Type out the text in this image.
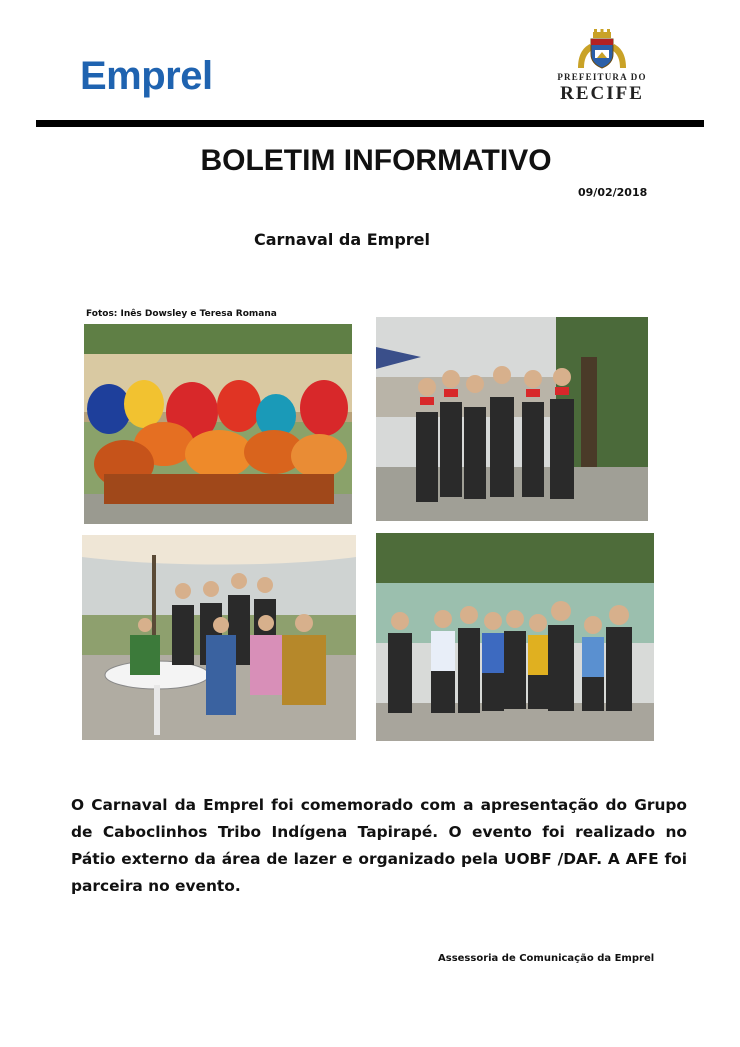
Emprel	PREFEITURA DO
RECIFE
BOLETIM INFORMATIVO
09/02/2018
Carnaval da Emprel
Fotos: Inês Dowsley e Teresa Romana
O Carnaval da Emprel foi comemorado com a apresentação do Grupo de Caboclinhos Tribo Indígena Tapirapé. O evento foi realizado no Pátio externo da área de lazer e organizado pela UOBF /DAF. A AFE foi parceira no evento.
Assessoria de Comunicação da Emprel
